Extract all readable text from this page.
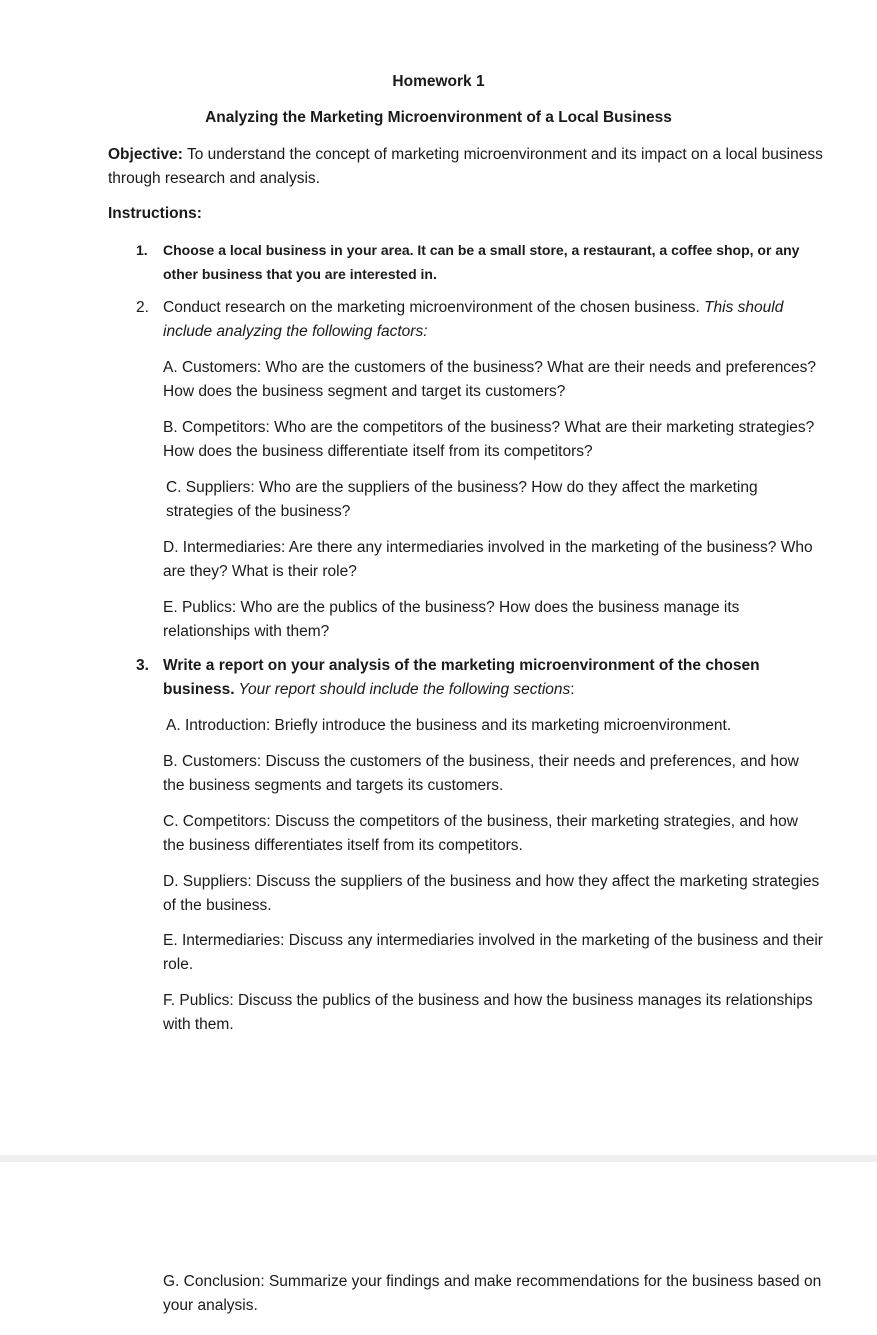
Homework 1
Analyzing the Marketing Microenvironment of a Local Business
Objective: To understand the concept of marketing microenvironment and its impact on a local business through research and analysis.
Instructions:
1. Choose a local business in your area. It can be a small store, a restaurant, a coffee shop, or any other business that you are interested in.
2. Conduct research on the marketing microenvironment of the chosen business. This should include analyzing the following factors:
A. Customers: Who are the customers of the business? What are their needs and preferences? How does the business segment and target its customers?
B. Competitors: Who are the competitors of the business? What are their marketing strategies? How does the business differentiate itself from its competitors?
C. Suppliers: Who are the suppliers of the business? How do they affect the marketing strategies of the business?
D. Intermediaries: Are there any intermediaries involved in the marketing of the business? Who are they? What is their role?
E. Publics: Who are the publics of the business? How does the business manage its relationships with them?
3. Write a report on your analysis of the marketing microenvironment of the chosen business. Your report should include the following sections:
A. Introduction: Briefly introduce the business and its marketing microenvironment.
B. Customers: Discuss the customers of the business, their needs and preferences, and how the business segments and targets its customers.
C. Competitors: Discuss the competitors of the business, their marketing strategies, and how the business differentiates itself from its competitors.
D. Suppliers: Discuss the suppliers of the business and how they affect the marketing strategies of the business.
E. Intermediaries: Discuss any intermediaries involved in the marketing of the business and their role.
F. Publics: Discuss the publics of the business and how the business manages its relationships with them.
G. Conclusion: Summarize your findings and make recommendations for the business based on your analysis.
